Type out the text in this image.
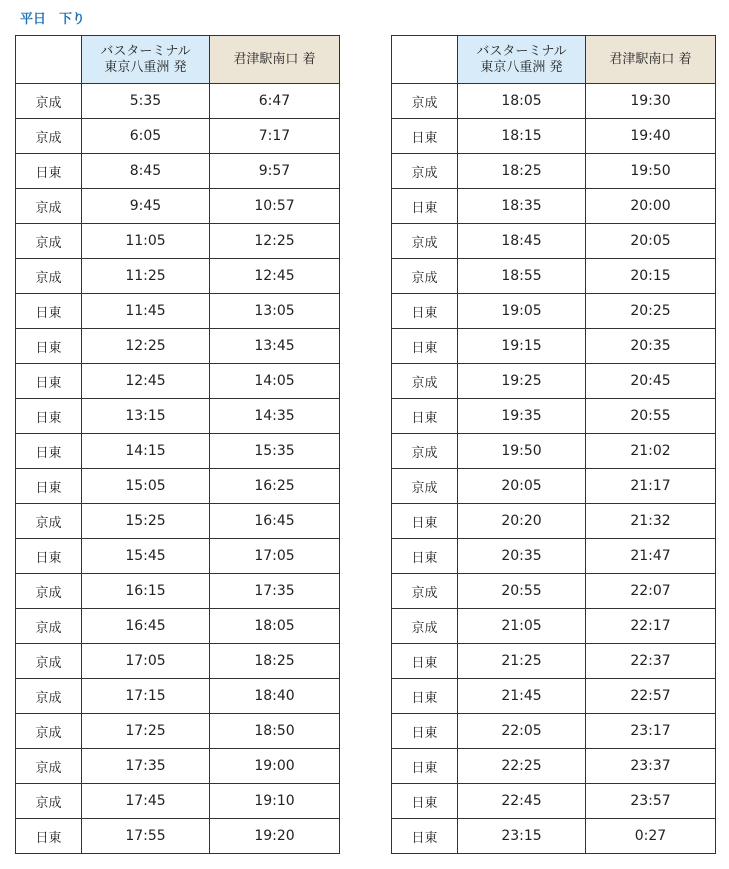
平日　下り
	バスターミナル
東京八重洲 発	君津駅南口 着
京成	5:35	6:47
京成	6:05	7:17
日東	8:45	9:57
京成	9:45	10:57
京成	11:05	12:25
京成	11:25	12:45
日東	11:45	13:05
日東	12:25	13:45
日東	12:45	14:05
日東	13:15	14:35
日東	14:15	15:35
日東	15:05	16:25
京成	15:25	16:45
日東	15:45	17:05
京成	16:15	17:35
京成	16:45	18:05
京成	17:05	18:25
京成	17:15	18:40
京成	17:25	18:50
京成	17:35	19:00
京成	17:45	19:10
日東	17:55	19:20
	バスターミナル
東京八重洲 発	君津駅南口 着
京成	18:05	19:30
日東	18:15	19:40
京成	18:25	19:50
日東	18:35	20:00
京成	18:45	20:05
京成	18:55	20:15
日東	19:05	20:25
日東	19:15	20:35
京成	19:25	20:45
日東	19:35	20:55
京成	19:50	21:02
京成	20:05	21:17
日東	20:20	21:32
日東	20:35	21:47
京成	20:55	22:07
京成	21:05	22:17
日東	21:25	22:37
日東	21:45	22:57
日東	22:05	23:17
日東	22:25	23:37
日東	22:45	23:57
日東	23:15	0:27
